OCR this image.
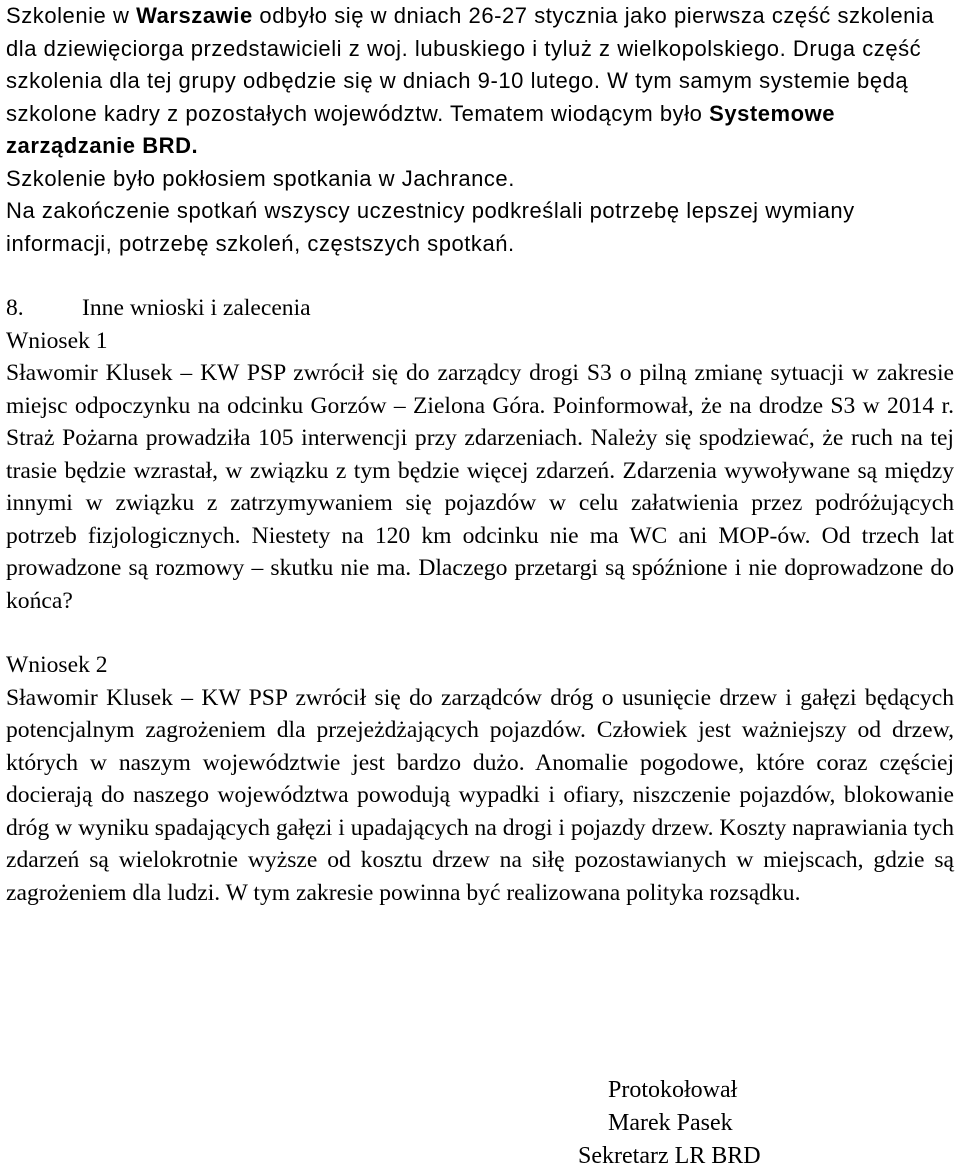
Szkolenie w Warszawie odbyło się w dniach 26-27 stycznia jako pierwsza część szkolenia dla dziewięciorga przedstawicieli z woj. lubuskiego i tyluż z wielkopolskiego. Druga część szkolenia dla tej grupy odbędzie się w dniach 9-10 lutego. W tym samym systemie będą szkolone kadry z pozostałych województw. Tematem wiodącym było Systemowe zarządzanie BRD.

Szkolenie było pokłosiem spotkania w Jachrance.

Na zakończenie spotkań wszyscy uczestnicy podkreślali potrzebę lepszej wymiany informacji, potrzebę szkoleń, częstszych spotkań.

8. Inne wnioski i zalecenia

Wniosek 1

Sławomir Klusek – KW PSP zwrócił się do zarządcy drogi S3 o pilną zmianę sytuacji w zakresie miejsc odpoczynku na odcinku Gorzów – Zielona Góra. Poinformował, że na drodze S3 w 2014 r. Straż Pożarna prowadziła 105 interwencji przy zdarzeniach. Należy się spodziewać, że ruch na tej trasie będzie wzrastał, w związku z tym będzie więcej zdarzeń. Zdarzenia wywoływane są między innymi w związku z zatrzymywaniem się pojazdów w celu załatwienia przez podróżujących potrzeb fizjologicznych. Niestety na 120 km odcinku nie ma WC ani MOP-ów. Od trzech lat prowadzone są rozmowy – skutku nie ma. Dlaczego przetargi są spóźnione i nie doprowadzone do końca?

Wniosek 2

Sławomir Klusek – KW PSP zwrócił się do zarządców dróg o usunięcie drzew i gałęzi będących potencjalnym zagrożeniem dla przejeżdżających pojazdów. Człowiek jest ważniejszy od drzew, których w naszym województwie jest bardzo dużo. Anomalie pogodowe, które coraz częściej docierają do naszego województwa powodują wypadki i ofiary, niszczenie pojazdów, blokowanie dróg w wyniku spadających gałęzi i upadających na drogi i pojazdy drzew. Koszty naprawiania tych zdarzeń są wielokrotnie wyższe od kosztu drzew na siłę pozostawianych w miejscach, gdzie są zagrożeniem dla ludzi. W tym zakresie powinna być realizowana polityka rozsądku.

Protokołował
Marek Pasek
Sekretarz LR BRD
